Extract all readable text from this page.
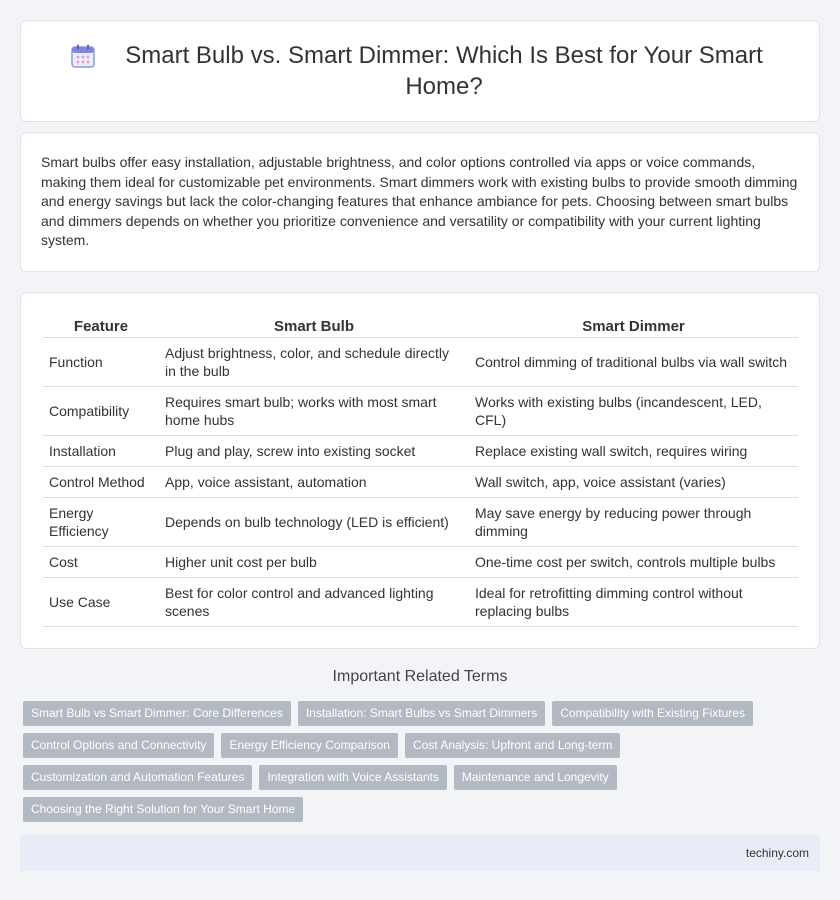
Smart Bulb vs. Smart Dimmer: Which Is Best for Your Smart Home?

Smart bulbs offer easy installation, adjustable brightness, and color options controlled via apps or voice commands, making them ideal for customizable pet environments. Smart dimmers work with existing bulbs to provide smooth dimming and energy savings but lack the color-changing features that enhance ambiance for pets. Choosing between smart bulbs and dimmers depends on whether you prioritize convenience and versatility or compatibility with your current lighting system.

Feature	Smart Bulb	Smart Dimmer
Function	Adjust brightness, color, and schedule directly in the bulb	Control dimming of traditional bulbs via wall switch
Compatibility	Requires smart bulb; works with most smart home hubs	Works with existing bulbs (incandescent, LED, CFL)
Installation	Plug and play, screw into existing socket	Replace existing wall switch, requires wiring
Control Method	App, voice assistant, automation	Wall switch, app, voice assistant (varies)
Energy Efficiency	Depends on bulb technology (LED is efficient)	May save energy by reducing power through dimming
Cost	Higher unit cost per bulb	One-time cost per switch, controls multiple bulbs
Use Case	Best for color control and advanced lighting scenes	Ideal for retrofitting dimming control without replacing bulbs
Important Related Terms
Smart Bulb vs Smart Dimmer: Core Differences	Installation: Smart Bulbs vs Smart Dimmers	Compatibility with Existing Fixtures
Control Options and Connectivity	Energy Efficiency Comparison	Cost Analysis: Upfront and Long-term
Customization and Automation Features	Integration with Voice Assistants	Maintenance and Longevity
Choosing the Right Solution for Your Smart Home
techiny.com
